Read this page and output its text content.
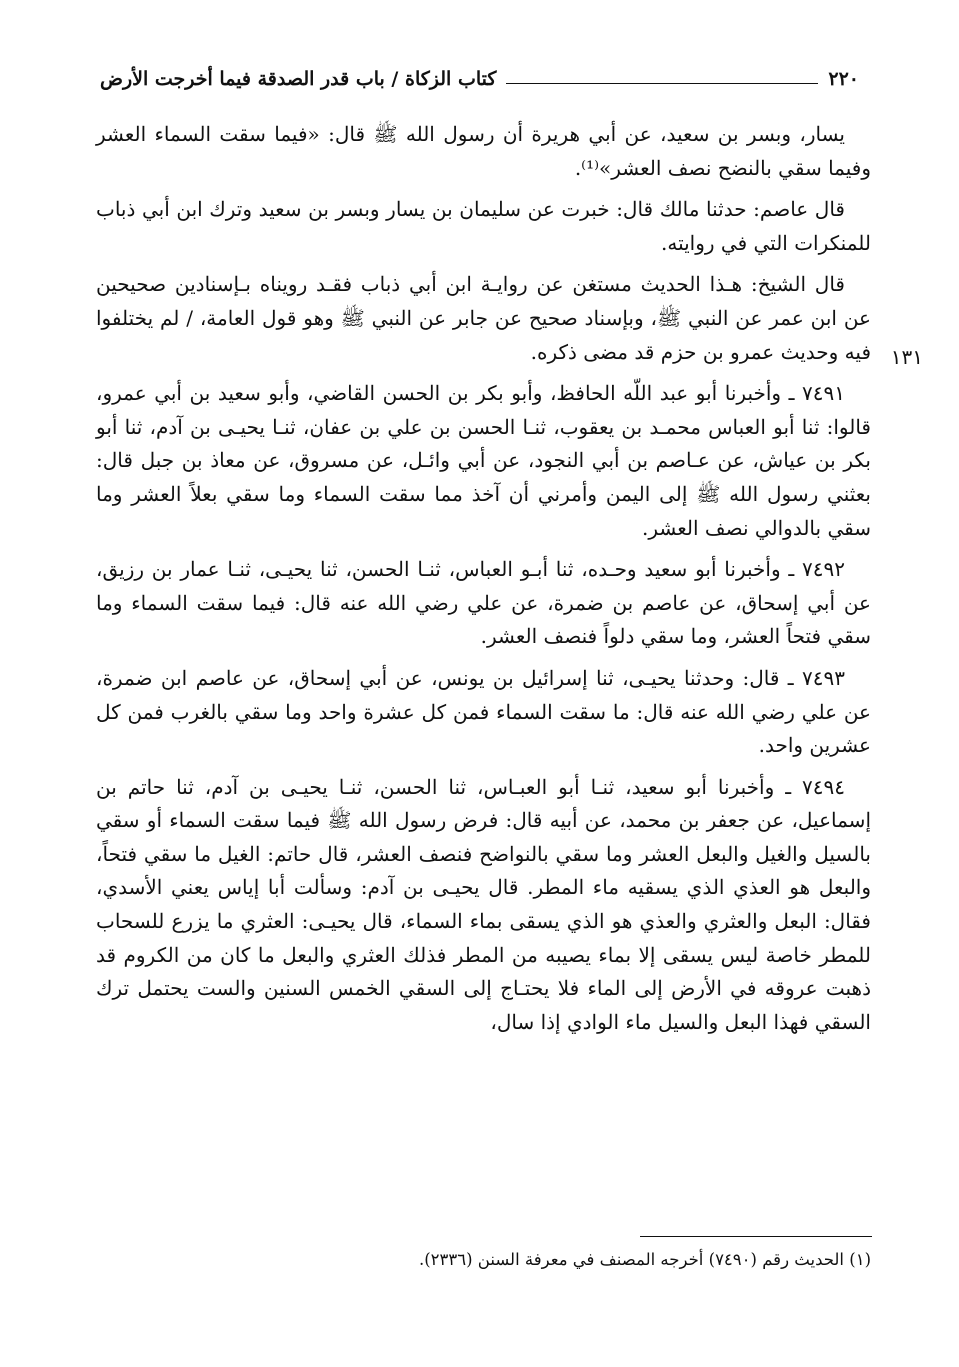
٢٢٠
كتاب الزكاة / باب قدر الصدقة فيما أخرجت الأرض
١٣١

يسار، وبسر بن سعيد، عن أبي هريرة أن رسول الله ﷺ قال: «فيما سقت السماء العشر وفيما سقي بالنضح نصف العشر»⁽¹⁾.

قال عاصم: حدثنا مالك قال: خبرت عن سليمان بن يسار وبسر بن سعيد وترك ابن أبي ذباب للمنكرات التي في روايته.

قال الشيخ: هـذا الحديث مستغن عن روايـة ابن أبي ذباب فقـد رويناه بـإسنادين صحيحين عن ابن عمر عن النبي ﷺ، وبإسناد صحيح عن جابر عن النبي ﷺ وهو قول العامة، / لم يختلفوا فيه وحديث عمرو بن حزم قد مضى ذكره.

٧٤٩١ ـ وأخبرنا أبو عبد اللّه الحافظ، وأبو بكر بن الحسن القاضي، وأبو سعيد بن أبي عمرو، قالوا: ثنا أبو العباس محمـد بن يعقوب، ثنـا الحسن بن علي بن عفان، ثنـا يحيـى بن آدم، ثنا أبو بكر بن عياش، عن عـاصم بن أبي النجود، عن أبي وائـل، عن مسروق، عن معاذ بن جبل قال: بعثني رسول الله ﷺ إلى اليمن وأمرني أن آخذ مما سقت السماء وما سقي بعلاً العشر وما سقي بالدوالي نصف العشر.

٧٤٩٢ ـ وأخبرنا أبو سعيد وحـده، ثنا أبـو العباس، ثنـا الحسن، ثنا يحيـى، ثنـا عمار بن رزيق، عن أبي إسحاق، عن عاصم بن ضمرة، عن علي رضي الله عنه قال: فيما سقت السماء وما سقي فتحاً العشر، وما سقي دلواً فنصف العشر.

٧٤٩٣ ـ قال: وحدثنا يحيـى، ثنا إسرائيل بن يونس، عن أبي إسحاق، عن عاصم ابن ضمرة، عن علي رضي الله عنه قال: ما سقت السماء فمن كل عشرة واحد وما سقي بالغرب فمن كل عشرين واحد.

٧٤٩٤ ـ وأخبرنا أبو سعيد، ثنـا أبو العبـاس، ثنا الحسن، ثنـا يحيـى بن آدم، ثنا حاتم بن إسماعيل، عن جعفر بن محمد، عن أبيه قال: فرض رسول الله ﷺ فيما سقت السماء أو سقي بالسيل والغيل والبعل العشر وما سقي بالنواضح فنصف العشر، قال حاتم: الغيل ما سقي فتحاً، والبعل هو العذي الذي يسقيه ماء المطر. قال يحيـى بن آدم: وسألت أبا إياس يعني الأسدي، فقال: البعل والعثري والعذي هو الذي يسقى بماء السماء، قال يحيـى: العثري ما يزرع للسحاب للمطر خاصة ليس يسقى إلا بماء يصيبه من المطر فذلك العثري والبعل ما كان من الكروم قد ذهبت عروقه في الأرض إلى الماء فلا يحتـاج إلى السقي الخمس السنين والست يحتمل ترك السقي فهذا البعل والسيل ماء الوادي إذا سال،

(١) الحديث رقم (٧٤٩٠) أخرجه المصنف في معرفة السنن (٢٣٣٦).
